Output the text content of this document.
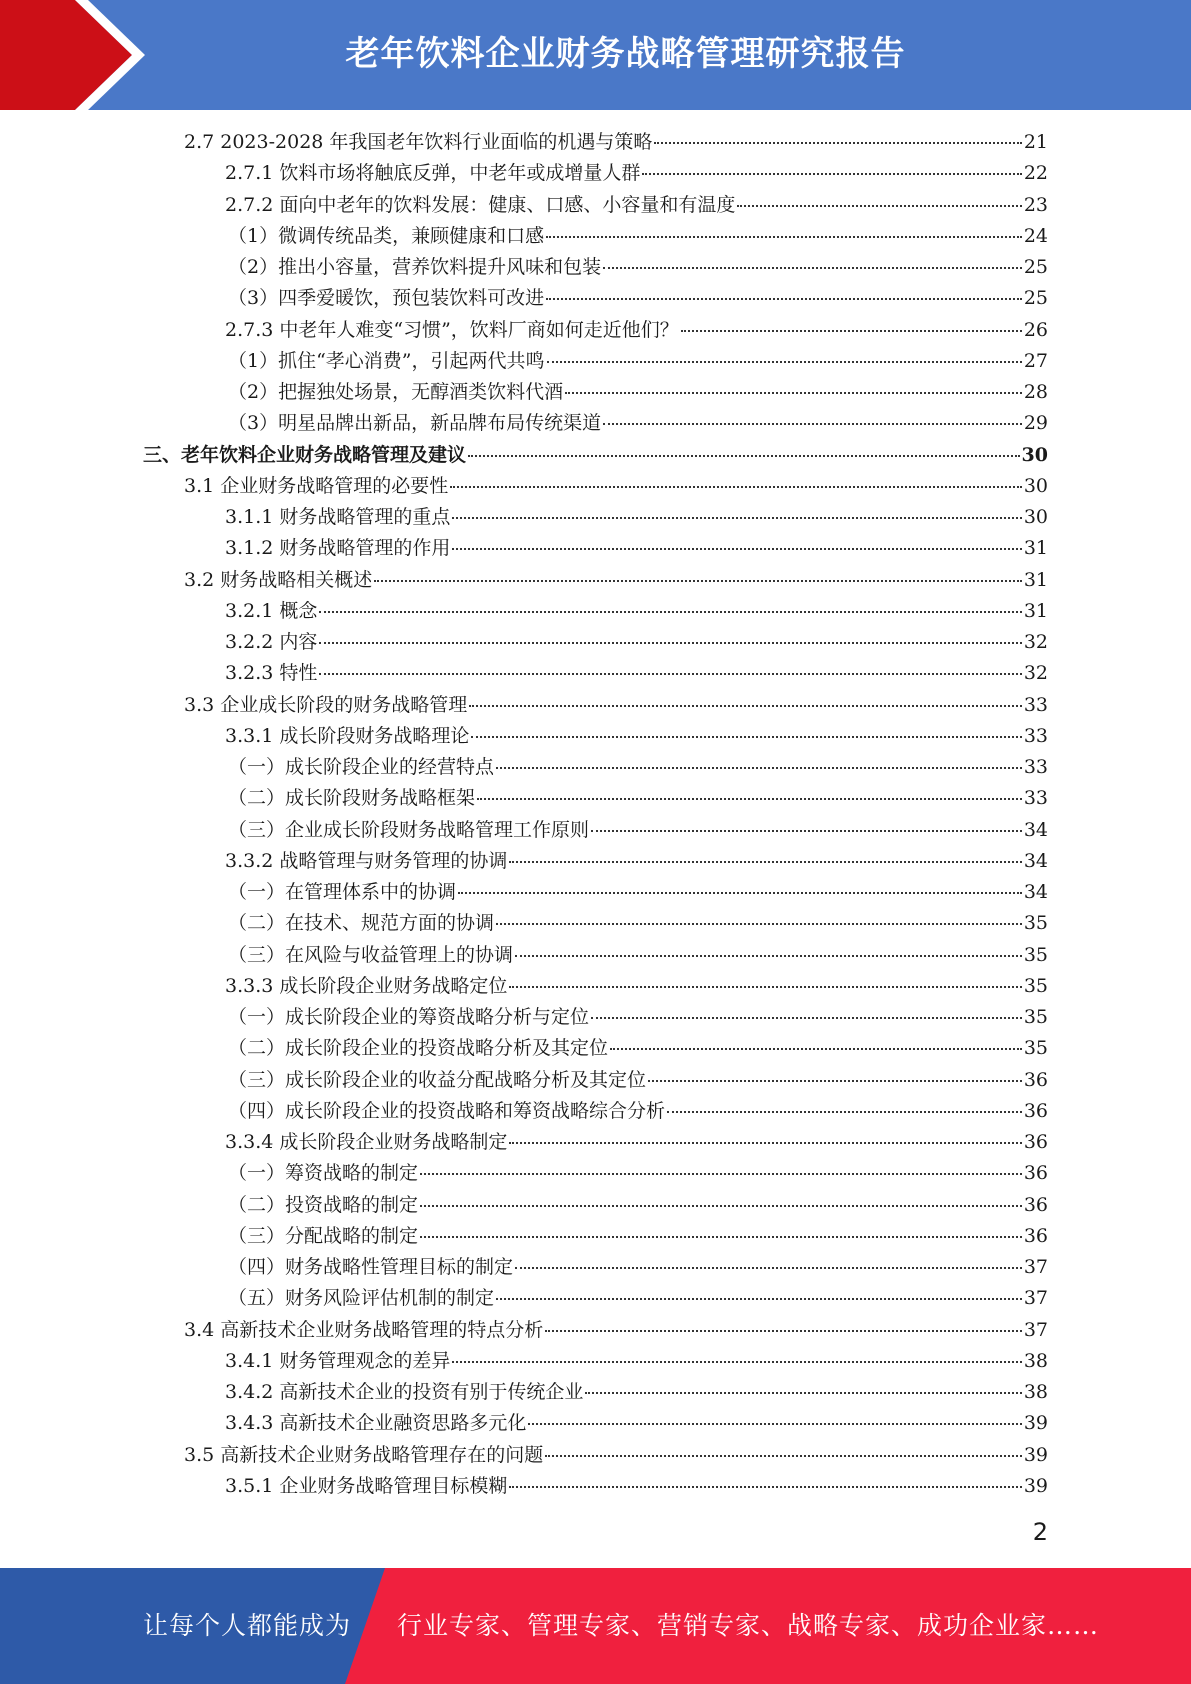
老年饮料企业财务战略管理研究报告
2.7 2023-2028 年我国老年饮料行业面临的机遇与策略	21
2.7.1 饮料市场将触底反弹，中老年或成增量人群	22
2.7.2 面向中老年的饮料发展：健康、口感、小容量和有温度	23
（1）微调传统品类，兼顾健康和口感	24
（2）推出小容量，营养饮料提升风味和包装	25
（3）四季爱暖饮，预包装饮料可改进	25
2.7.3 中老年人难变“习惯”，饮料厂商如何走近他们？	26
（1）抓住“孝心消费”，引起两代共鸣	27
（2）把握独处场景，无醇酒类饮料代酒	28
（3）明星品牌出新品，新品牌布局传统渠道	29
三、老年饮料企业财务战略管理及建议	30
3.1 企业财务战略管理的必要性	30
3.1.1 财务战略管理的重点	30
3.1.2 财务战略管理的作用	31
3.2 财务战略相关概述	31
3.2.1 概念	31
3.2.2 内容	32
3.2.3 特性	32
3.3 企业成长阶段的财务战略管理	33
3.3.1 成长阶段财务战略理论	33
（一）成长阶段企业的经营特点	33
（二）成长阶段财务战略框架	33
（三）企业成长阶段财务战略管理工作原则	34
3.3.2 战略管理与财务管理的协调	34
（一）在管理体系中的协调	34
（二）在技术、规范方面的协调	35
（三）在风险与收益管理上的协调	35
3.3.3 成长阶段企业财务战略定位	35
（一）成长阶段企业的筹资战略分析与定位	35
（二）成长阶段企业的投资战略分析及其定位	35
（三）成长阶段企业的收益分配战略分析及其定位	36
（四）成长阶段企业的投资战略和筹资战略综合分析	36
3.3.4 成长阶段企业财务战略制定	36
（一）筹资战略的制定	36
（二）投资战略的制定	36
（三）分配战略的制定	36
（四）财务战略性管理目标的制定	37
（五）财务风险评估机制的制定	37
3.4 高新技术企业财务战略管理的特点分析	37
3.4.1 财务管理观念的差异	38
3.4.2 高新技术企业的投资有别于传统企业	38
3.4.3 高新技术企业融资思路多元化	39
3.5 高新技术企业财务战略管理存在的问题	39
3.5.1 企业财务战略管理目标模糊	39
2
让每个人都能成为 行业专家、管理专家、营销专家、战略专家、成功企业家……
